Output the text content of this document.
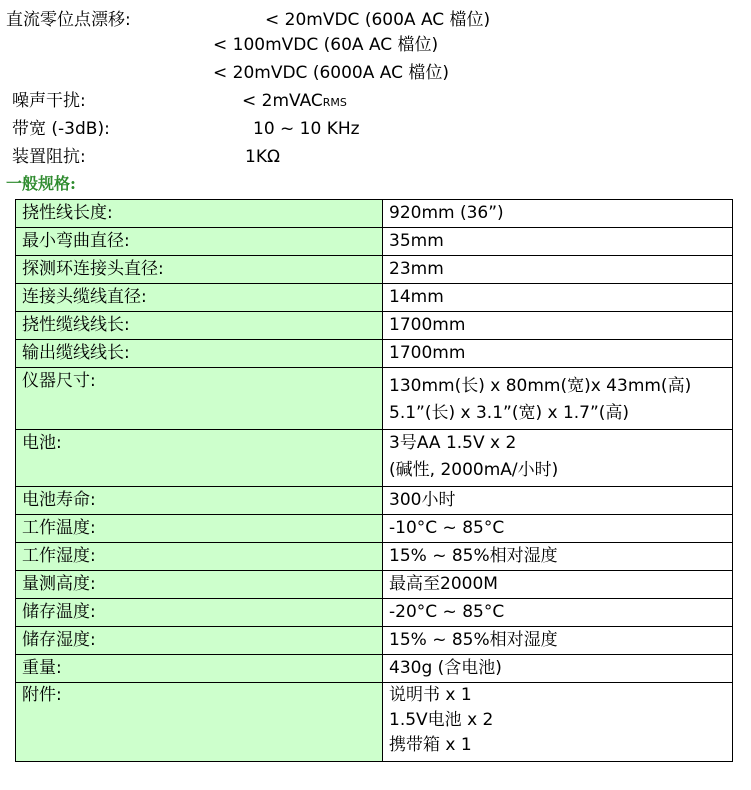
直流零位点漂移:	< 20mVDC (600A AC 檔位)
< 100mVDC (60A AC 檔位)
< 20mVDC (6000A AC 檔位)
噪声干扰:	< 2mVACRMS
带宽 (-3dB):	10 ~ 10 KHz
装置阻抗:	1KΩ
一般规格:
挠性线长度:	920mm (36”)
最小弯曲直径:	35mm
探测环连接头直径:	23mm
连接头缆线直径:	14mm
挠性缆线线长:	1700mm
输出缆线线长:	1700mm
仪器尺寸:	130mm(长) x 80mm(宽)x 43mm(高)
5.1”(长) x 3.1”(宽) x 1.7”(高)

电池:	3号AA 1.5V x 2
(碱性, 2000mA/小时)

电池寿命:	300小时
工作温度:	-10°C ~ 85°C
工作湿度:	15% ~ 85%相对湿度
量测高度:	最高至2000M
储存温度:	-20°C ~ 85°C
储存湿度:	15% ~ 85%相对湿度
重量:	430g (含电池)
附件:	说明书 x 1
1.5V电池 x 2
携带箱 x 1
